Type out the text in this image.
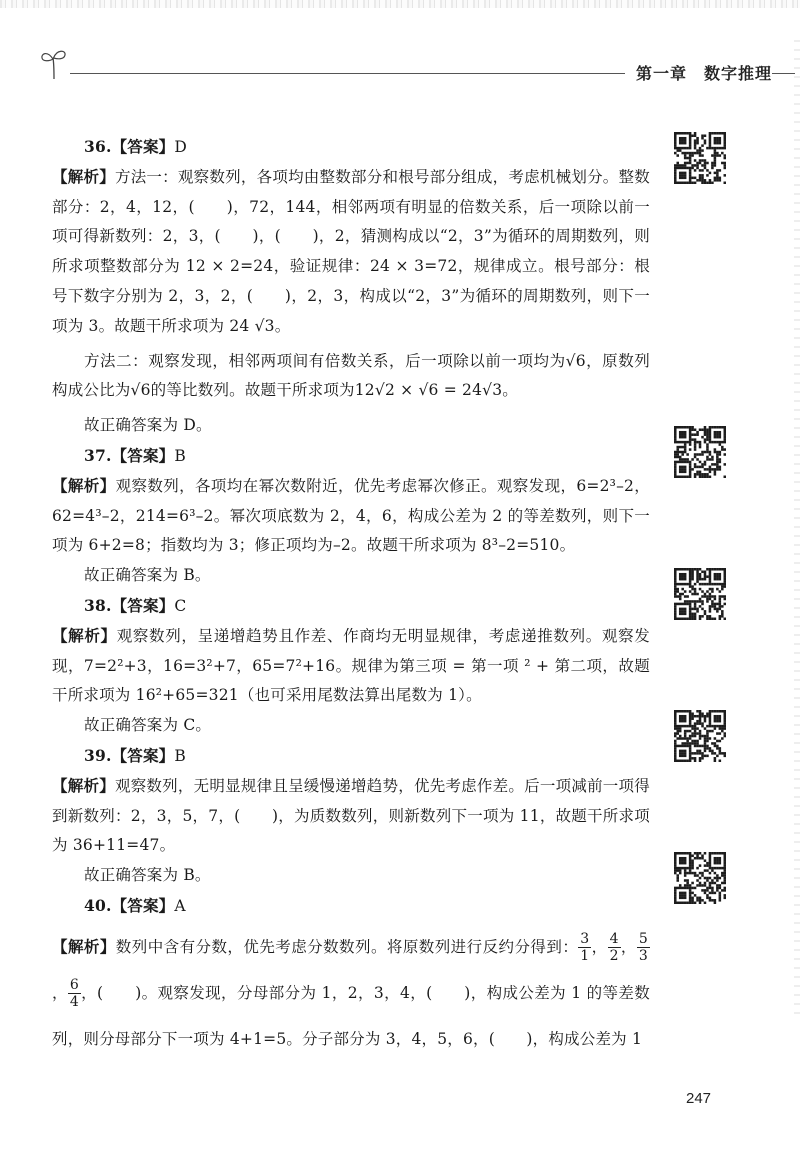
第一章　数字推理

36.【答案】D

【解析】方法一：观察数列，各项均由整数部分和根号部分组成，考虑机械划分。整数部分：2，4，12，(　　)，72，144，相邻两项有明显的倍数关系，后一项除以前一项可得新数列：2，3，(　　)，(　　)，2，猜测构成以“2，3”为循环的周期数列，则所求项整数部分为 12 × 2=24，验证规律：24 × 3=72，规律成立。根号部分：根号下数字分别为 2，3，2，(　　)，2，3，构成以“2，3”为循环的周期数列，则下一项为 3。故题干所求项为 24 √3。

方法二：观察发现，相邻两项间有倍数关系，后一项除以前一项均为√6，原数列构成公比为√6的等比数列。故题干所求项为12√2 × √6 = 24√3。

故正确答案为 D。

37.【答案】B

【解析】观察数列，各项均在幂次数附近，优先考虑幂次修正。观察发现，6=2³–2，62=4³–2，214=6³–2。幂次项底数为 2，4，6，构成公差为 2 的等差数列，则下一项为 6+2=8；指数均为 3；修正项均为–2。故题干所求项为 8³–2=510。

故正确答案为 B。

38.【答案】C

【解析】观察数列，呈递增趋势且作差、作商均无明显规律，考虑递推数列。观察发现，7=2²+3，16=3²+7，65=7²+16。规律为第三项 = 第一项 ² + 第二项，故题干所求项为 16²+65=321（也可采用尾数法算出尾数为 1）。

故正确答案为 C。

39.【答案】B

【解析】观察数列，无明显规律且呈缓慢递增趋势，优先考虑作差。后一项减前一项得到新数列：2，3，5，7，(　　)，为质数数列，则新数列下一项为 11，故题干所求项为 36+11=47。

故正确答案为 B。

40.【答案】A

【解析】数列中含有分数，优先考虑分数数列。将原数列进行反约分得到： $\frac{3}{1}$ ， $\frac{4}{2}$ ， $\frac{5}{3}$
， $\frac{6}{4}$ ，(　　)。观察发现，分母部分为 1，2，3，4，(　　)，构成公差为 1 的等差数列，则分母部分下一项为 4+1=5。分子部分为 3，4，5，6，(　　)，构成公差为 1

247
